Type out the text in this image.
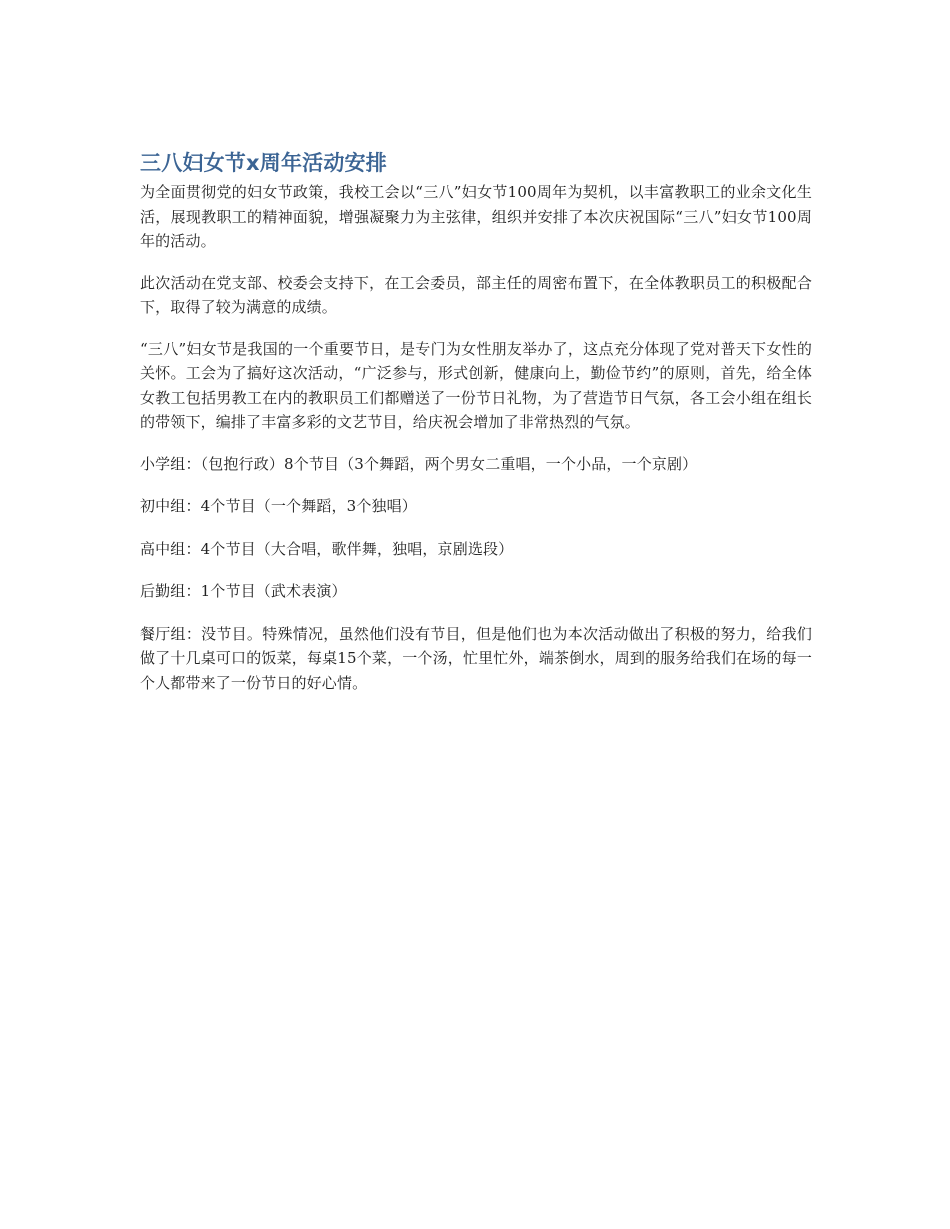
三八妇女节x周年活动安排

为全面贯彻党的妇女节政策，我校工会以“三八”妇女节100周年为契机，以丰富教职工的业余文化生活，展现教职工的精神面貌，增强凝聚力为主弦律，组织并安排了本次庆祝国际“三八”妇女节100周年的活动。

此次活动在党支部、校委会支持下，在工会委员，部主任的周密布置下，在全体教职员工的积极配合下，取得了较为满意的成绩。

“三八”妇女节是我国的一个重要节日，是专门为女性朋友举办了，这点充分体现了党对普天下女性的关怀。工会为了搞好这次活动，“广泛参与，形式创新，健康向上，勤俭节约”的原则，首先，给全体女教工包括男教工在内的教职员工们都赠送了一份节日礼物，为了营造节日气氛，各工会小组在组长的带领下，编排了丰富多彩的文艺节目，给庆祝会增加了非常热烈的气氛。

小学组：（包抱行政）8个节目（3个舞蹈，两个男女二重唱，一个小品，一个京剧）

初中组：4个节目（一个舞蹈，3个独唱）

高中组：4个节目（大合唱，歌伴舞，独唱，京剧选段）

后勤组：1个节目（武术表演）

餐厅组：没节目。特殊情况，虽然他们没有节目，但是他们也为本次活动做出了积极的努力，给我们做了十几桌可口的饭菜，每桌15个菜，一个汤，忙里忙外，端茶倒水，周到的服务给我们在场的每一个人都带来了一份节日的好心情。
